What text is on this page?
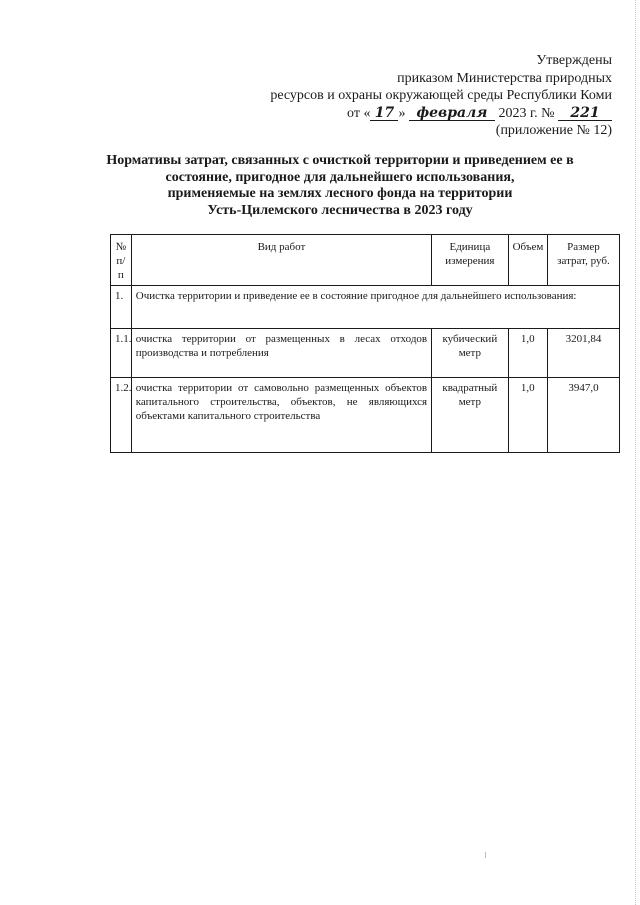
Утверждены
приказом Министерства природных
ресурсов и охраны окружающей среды Республики Коми
от « 17 » февраля 2023 г. № 221
(приложение № 12)
Нормативы затрат, связанных с очисткой территории и приведением ее в
состояние, пригодное для дальнейшего использования,
применяемые на землях лесного фонда на территории
Усть-Цилемского лесничества в 2023 году
№ п/п	Вид работ	Единица измерения	Объем	Размер затрат, руб.
1.	Очистка территории и приведение ее в состояние пригодное для дальнейшего использования:			
1.1.	очистка территории от размещенных в лесах отходов производства и потребления	кубический метр	1,0	3201,84
1.2.	очистка территории от самовольно размещенных объектов капитального строительства, объектов, не являющихся объектами капитального строительства	квадратный метр	1,0	3947,0
